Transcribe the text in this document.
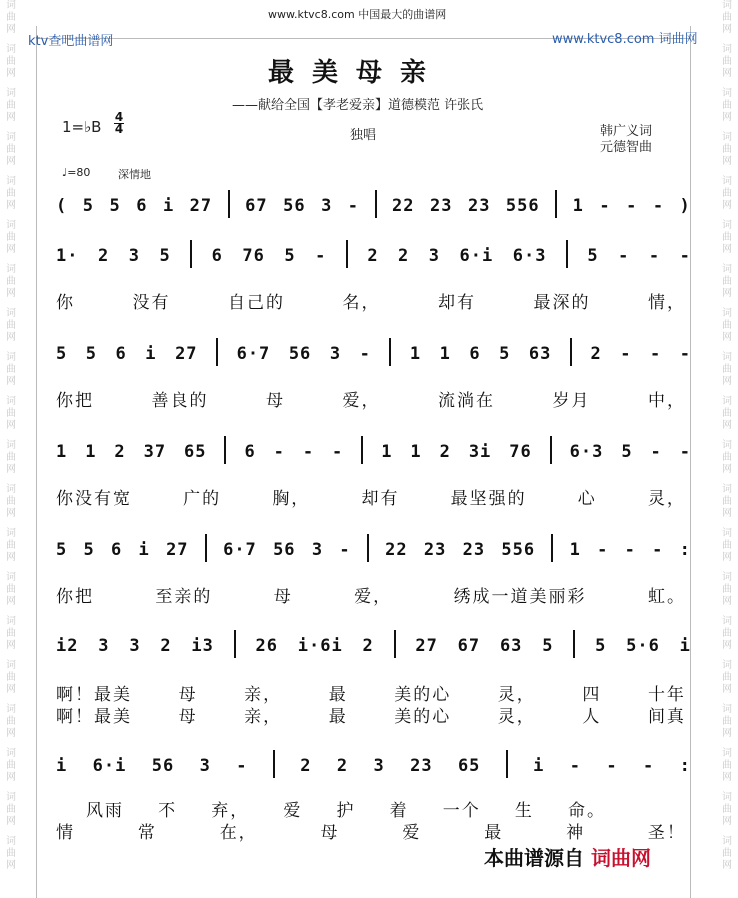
词
曲
网
词
曲
网
词
曲
网
词
曲
网
词
曲
网
词
曲
网
词
曲
网
词
曲
网
词
曲
网
词
曲
网
词
曲
网
词
曲
网
词
曲
网
词
曲
网
词
曲
网
词
曲
网
词
曲
网
词
曲
网
词
曲
网
词
曲
网
词
曲
网
词
曲
网
词
曲
网
词
曲
网
词
曲
网
词
曲
网
词
曲
网
词
曲
网
词
曲
网
词
曲
网
词
曲
网
词
曲
网
词
曲
网
词
曲
网
词
曲
网
词
曲
网
词
曲
网
词
曲
网
词
曲
网
词
曲
网
ktv查吧曲谱网
www.ktvc8.com 中国最大的曲谱网
www.ktvc8.com 词曲网
最美母亲
——献给全国【孝老爱亲】道德模范 许张氏
1=♭B
4
4	独唱	韩广义词
元德智曲
♩=80	深情地
( 5 5 6 i 27 67 56 3 - 22 23 23 556 1 - - - )
1· 2 3 5 6 76 5 - 2 2 3 6·i 6·3 5 - - -
你	没有	自己的	名，	却有	最深的	情，
5 5 6 i 27 6·7 56 3 - 1 1 6 5 63 2 - - -
你把	善良的	母	爱，	流淌在	岁月	中，
1 1 2 37 65 6 - - - 1 1 2 3i 76 6·3 5 - -
你没有宽	广的	胸，	却有	最坚强的	心	灵，
5 5 6 i 27 6·7 56 3 - 22 23 23 556 1 - - - :
你把	至亲的	母	爱，	绣成一道美丽彩	虹。
i2 3 3 2 i3 26 i·6i 2 27 67 63 5 5 5·6 i
啊！最美	母	亲，	最	美的心	灵，	四	十年
啊！最美	母	亲，	最	美的心	灵，	人	间真
i 6·i 56 3 -	2 2 3 23 65	i - - - :
风雨 不 弃， 爱 护 着 一个 生 命。
情	常	在，	母	爱	最	神	圣！
本曲谱源自 词曲网
